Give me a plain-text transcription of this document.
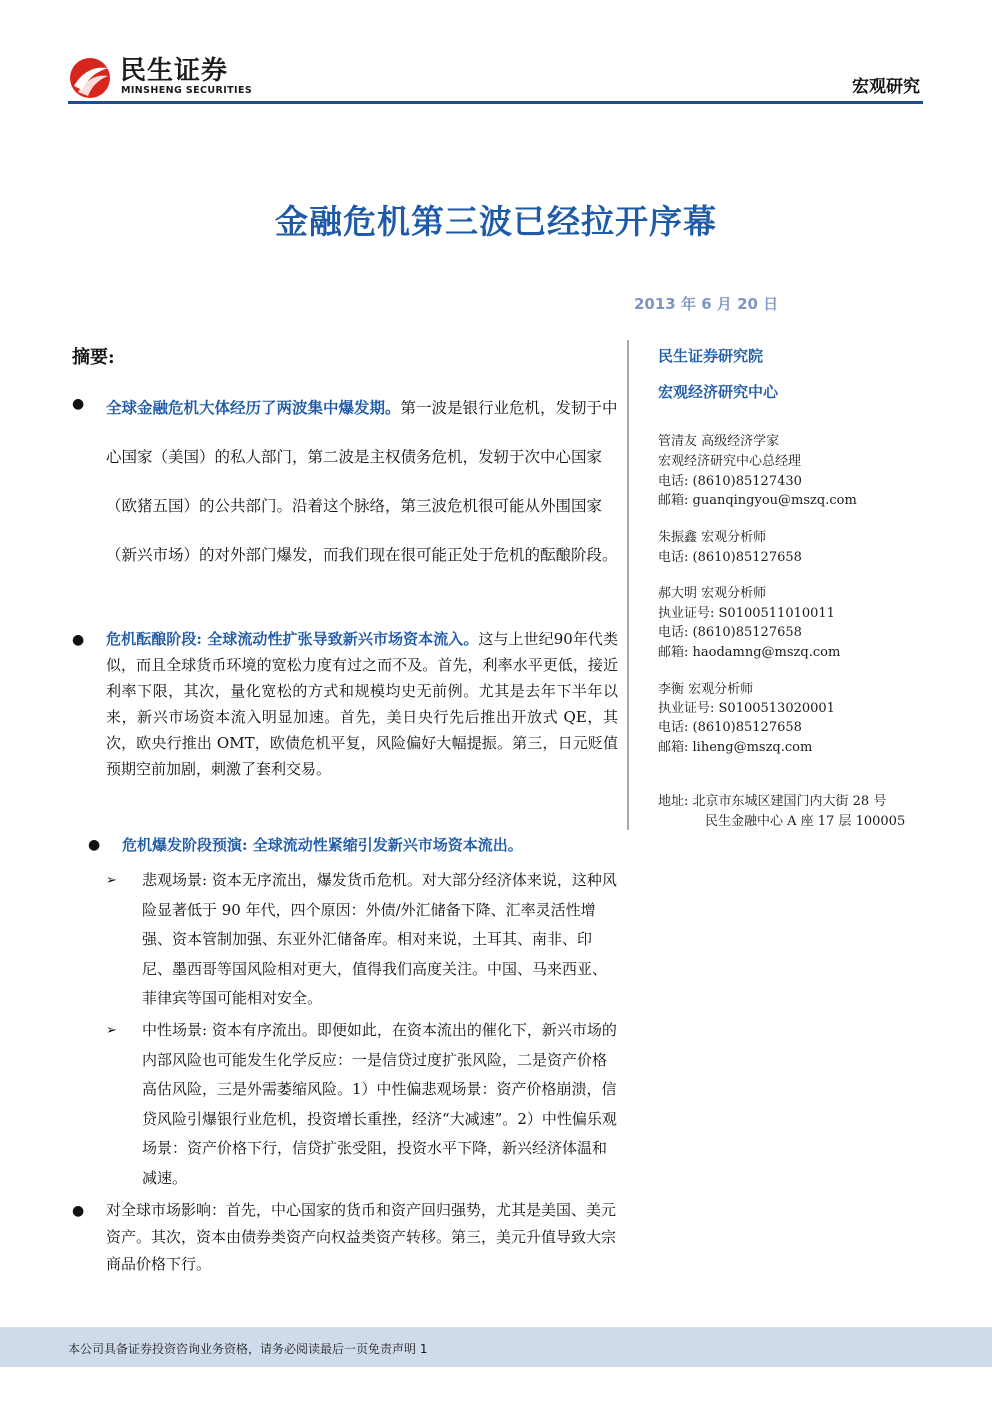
民生证券
MINSHENG SECURITIES	宏观研究
金融危机第三波已经拉开序幕
2013 年 6 月 20 日
摘要:
● 全球金融危机大体经历了两波集中爆发期。第一波是银行业危机，发韧于中心国家（美国）的私人部门，第二波是主权债务危机，发轫于次中心国家（欧猪五国）的公共部门。沿着这个脉络，第三波危机很可能从外围国家（新兴市场）的对外部门爆发，而我们现在很可能正处于危机的酝酿阶段。
● 危机酝酿阶段: 全球流动性扩张导致新兴市场资本流入。这与上世纪90年代类似，而且全球货币环境的宽松力度有过之而不及。首先，利率水平更低，接近利率下限，其次，量化宽松的方式和规模均史无前例。尤其是去年下半年以来，新兴市场资本流入明显加速。首先，美日央行先后推出开放式 QE，其次，欧央行推出 OMT，欧债危机平复，风险偏好大幅提振。第三，日元贬值预期空前加剧，刺激了套利交易。
● 危机爆发阶段预演: 全球流动性紧缩引发新兴市场资本流出。
➢ 悲观场景: 资本无序流出，爆发货币危机。对大部分经济体来说，这种风险显著低于 90 年代，四个原因：外债/外汇储备下降、汇率灵活性增强、资本管制加强、东亚外汇储备库。相对来说，土耳其、南非、印尼、墨西哥等国风险相对更大，值得我们高度关注。中国、马来西亚、菲律宾等国可能相对安全。
➢ 中性场景: 资本有序流出。即便如此，在资本流出的催化下，新兴市场的内部风险也可能发生化学反应：一是信贷过度扩张风险，二是资产价格高估风险，三是外需萎缩风险。1）中性偏悲观场景：资产价格崩溃，信贷风险引爆银行业危机，投资增长重挫，经济“大减速”。2）中性偏乐观场景：资产价格下行，信贷扩张受阻，投资水平下降，新兴经济体温和减速。
● 对全球市场影响：首先，中心国家的货币和资产回归强势，尤其是美国、美元资产。其次，资本由债券类资产向权益类资产转移。第三，美元升值导致大宗商品价格下行。
民生证券研究院
宏观经济研究中心
管清友 高级经济学家
宏观经济研究中心总经理
电话: (8610)85127430
邮箱: guanqingyou@mszq.com
朱振鑫 宏观分析师
电话: (8610)85127658
郝大明 宏观分析师
执业证号: S0100511010011
电话: (8610)85127658
邮箱: haodamng@mszq.com
李衡 宏观分析师
执业证号: S0100513020001
电话: (8610)85127658
邮箱: liheng@mszq.com
地址: 北京市东城区建国门内大街 28 号
民生金融中心 A 座 17 层 100005
本公司具备证券投资咨询业务资格，请务必阅读最后一页免责声明 1
